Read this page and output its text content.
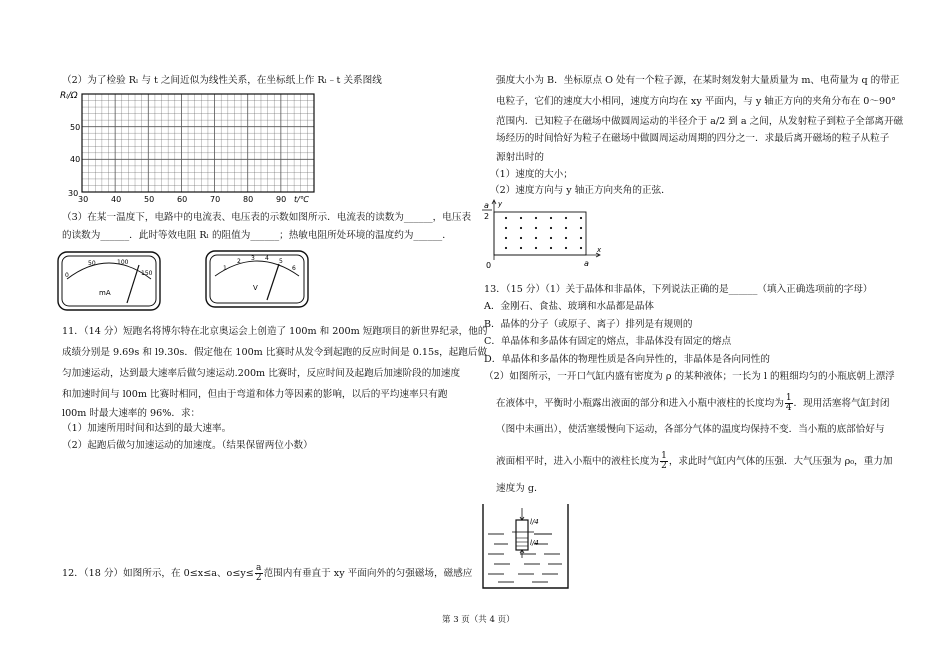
（2）为了检验 Rₗ 与 t 之间近似为线性关系，在坐标纸上作 Rₗ﹣t 关系图线
Rₗ/Ω
50
40
30
30	40	50	60	70	80	90 t/℃
（3）在某一温度下，电路中的电流表、电压表的示数如图所示．电流表的读数为______，电压表
的读数为______．此时等效电阻 Rₗ 的阻值为______；热敏电阻所处环境的温度约为______．
0
50	100
150
mA
1
2 3 4 5
6
V
11．（14 分）短跑名将博尔特在北京奥运会上创造了 100m 和 200m 短跑项目的新世界纪录，他的
成绩分别是 9.69s 和 l9.30s．假定他在 100m 比赛时从发令到起跑的反应时间是 0.15s，起跑后做
匀加速运动，达到最大速率后做匀速运动.200m 比赛时，反应时间及起跑后加速阶段的加速度
和加速时间与 l00m 比赛时相同，但由于弯道和体力等因素的影响，以后的平均速率只有跑
l00m 时最大速率的 96%．求：
（1）加速所用时间和达到的最大速率。
（2）起跑后做匀加速运动的加速度。（结果保留两位小数）
12．（18 分）如图所示，在 0≤x≤a、$o\le y\le \frac{a}{2}$ 范围内有垂直于 xy 平面向外的匀强磁场，磁感应
强度大小为 B．坐标原点 O 处有一个粒子源，在某时刻发射大量质量为 m、电荷量为 q 的带正
电粒子，它们的速度大小相同，速度方向均在 xy 平面内，与 y 轴正方向的夹角分布在 0～90°
范围内．已知粒子在磁场中做圆周运动的半径介于 a/2 到 a 之间，从发射粒子到粒子全部离开磁
场经历的时间恰好为粒子在磁场中做圆周运动周期的四分之一．求最后离开磁场的粒子从粒子
源射出时的
（1）速度的大小；
（2）速度方向与 y 轴正方向夹角的正弦．
a
2
y
x
0	a
13．（15 分）（1）关于晶体和非晶体，下列说法正确的是______（填入正确选项前的字母）
A．金刚石、食盐、玻璃和水晶都是晶体
B．晶体的分子（或原子、离子）排列是有规则的
C．单晶体和多晶体有固定的熔点，非晶体没有固定的熔点
D．单晶体和多晶体的物理性质是各向异性的，非晶体是各向同性的
（2）如图所示，一开口气缸内盛有密度为 ρ 的某种液体；一长为 l 的粗细均匀的小瓶底朝上漂浮
在液体中，平衡时小瓶露出液面的部分和进入小瓶中液柱的长度均为 $\frac{1}{4}$ ．现用活塞将气缸封闭
（图中未画出），使活塞缓慢向下运动，各部分气体的温度均保持不变．当小瓶的底部恰好与
液面相平时，进入小瓶中的液柱长度为 $\frac{1}{2}$ ，求此时气缸内气体的压强．大气压强为 ρ₀，重力加
速度为 g．
l/4
l/4
第 3 页（共 4 页）
